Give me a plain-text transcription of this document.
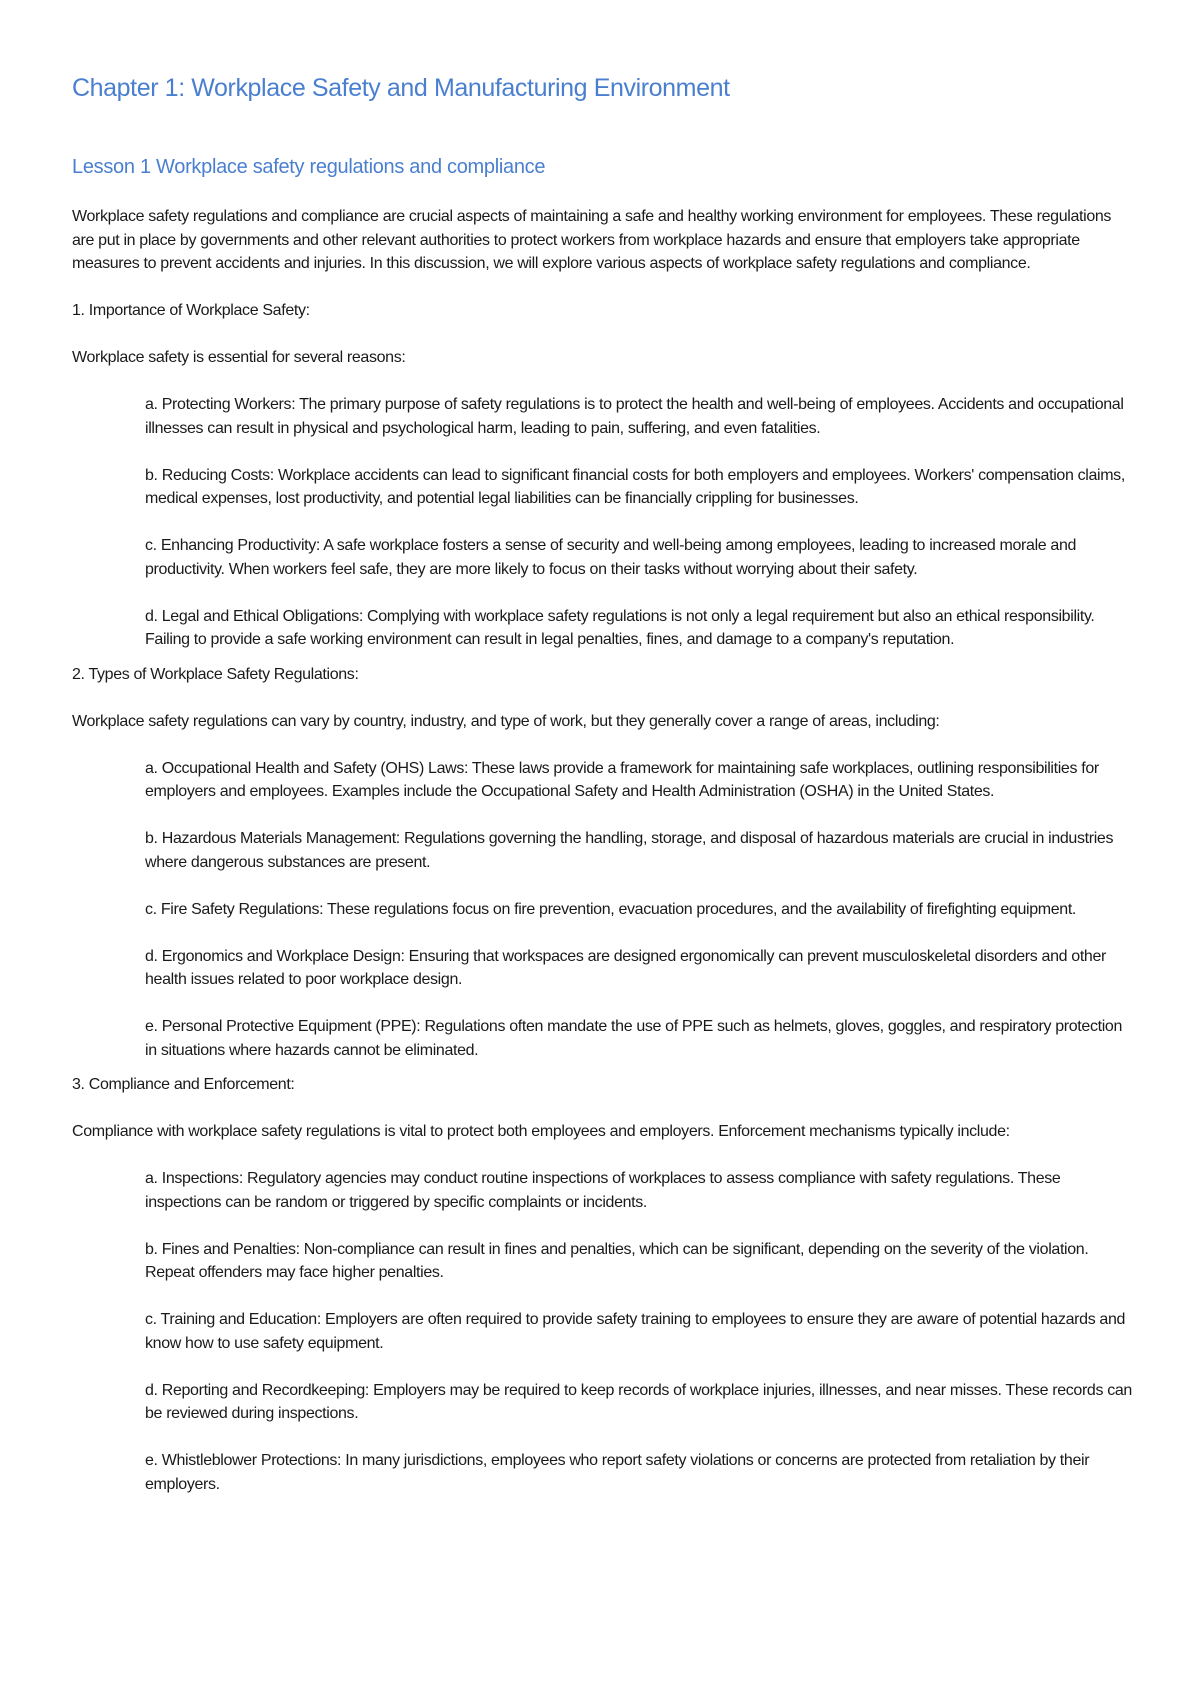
Chapter 1: Workplace Safety and Manufacturing Environment
Lesson 1 Workplace safety regulations and compliance

Workplace safety regulations and compliance are crucial aspects of maintaining a safe and healthy working environment for employees. These regulations are put in place by governments and other relevant authorities to protect workers from workplace hazards and ensure that employers take appropriate measures to prevent accidents and injuries. In this discussion, we will explore various aspects of workplace safety regulations and compliance.

1. Importance of Workplace Safety:

Workplace safety is essential for several reasons:

a. Protecting Workers: The primary purpose of safety regulations is to protect the health and well-being of employees. Accidents and occupational illnesses can result in physical and psychological harm, leading to pain, suffering, and even fatalities.

b. Reducing Costs: Workplace accidents can lead to significant financial costs for both employers and employees. Workers' compensation claims, medical expenses, lost productivity, and potential legal liabilities can be financially crippling for businesses.

c. Enhancing Productivity: A safe workplace fosters a sense of security and well-being among employees, leading to increased morale and productivity. When workers feel safe, they are more likely to focus on their tasks without worrying about their safety.

d. Legal and Ethical Obligations: Complying with workplace safety regulations is not only a legal requirement but also an ethical responsibility. Failing to provide a safe working environment can result in legal penalties, fines, and damage to a company's reputation.

2. Types of Workplace Safety Regulations:

Workplace safety regulations can vary by country, industry, and type of work, but they generally cover a range of areas, including:

a. Occupational Health and Safety (OHS) Laws: These laws provide a framework for maintaining safe workplaces, outlining responsibilities for employers and employees. Examples include the Occupational Safety and Health Administration (OSHA) in the United States.

b. Hazardous Materials Management: Regulations governing the handling, storage, and disposal of hazardous materials are crucial in industries where dangerous substances are present.

c. Fire Safety Regulations: These regulations focus on fire prevention, evacuation procedures, and the availability of firefighting equipment.

d. Ergonomics and Workplace Design: Ensuring that workspaces are designed ergonomically can prevent musculoskeletal disorders and other health issues related to poor workplace design.

e. Personal Protective Equipment (PPE): Regulations often mandate the use of PPE such as helmets, gloves, goggles, and respiratory protection in situations where hazards cannot be eliminated.

3. Compliance and Enforcement:

Compliance with workplace safety regulations is vital to protect both employees and employers. Enforcement mechanisms typically include:

a. Inspections: Regulatory agencies may conduct routine inspections of workplaces to assess compliance with safety regulations. These inspections can be random or triggered by specific complaints or incidents.

b. Fines and Penalties: Non-compliance can result in fines and penalties, which can be significant, depending on the severity of the violation. Repeat offenders may face higher penalties.

c. Training and Education: Employers are often required to provide safety training to employees to ensure they are aware of potential hazards and know how to use safety equipment.

d. Reporting and Recordkeeping: Employers may be required to keep records of workplace injuries, illnesses, and near misses. These records can be reviewed during inspections.

e. Whistleblower Protections: In many jurisdictions, employees who report safety violations or concerns are protected from retaliation by their employers.
